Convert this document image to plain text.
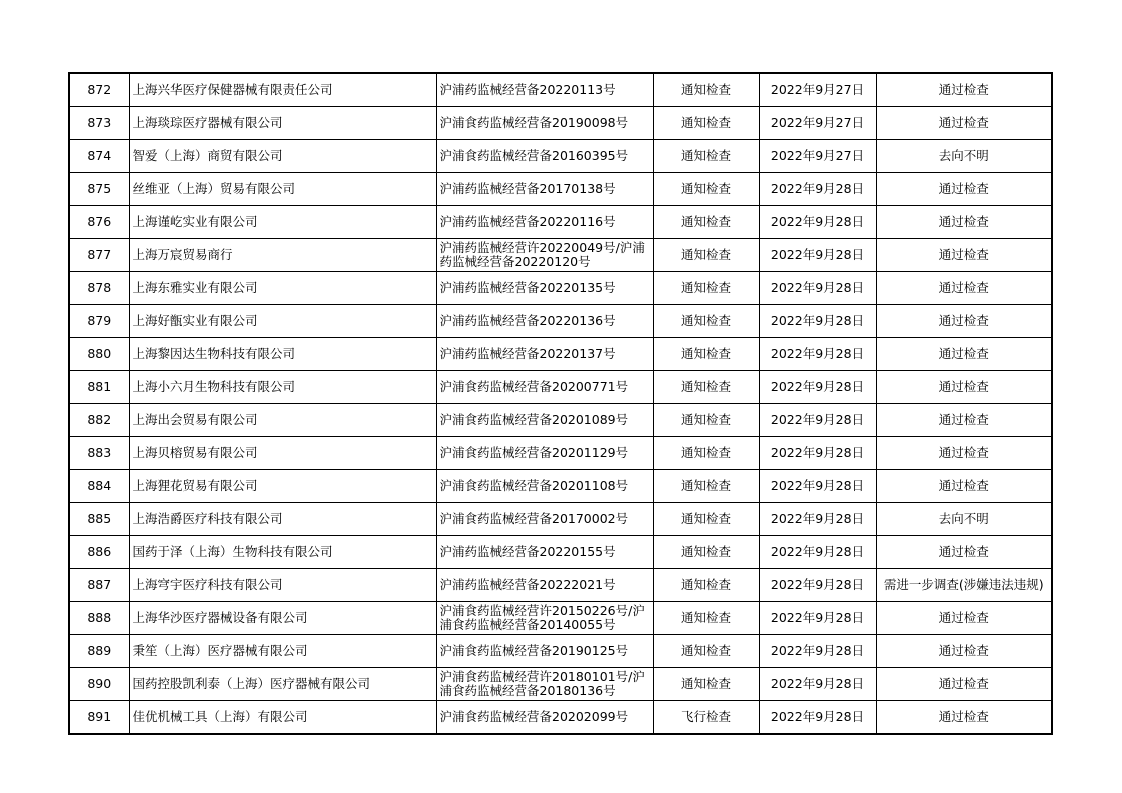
872	上海兴华医疗保健器械有限责任公司	沪浦药监械经营备20220113号	通知检查	2022年9月27日	通过检查
873	上海琰琮医疗器械有限公司	沪浦食药监械经营备20190098号	通知检查	2022年9月27日	通过检查
874	智爱（上海）商贸有限公司	沪浦食药监械经营备20160395号	通知检查	2022年9月27日	去向不明
875	丝维亚（上海）贸易有限公司	沪浦药监械经营备20170138号	通知检查	2022年9月28日	通过检查
876	上海谨屹实业有限公司	沪浦药监械经营备20220116号	通知检查	2022年9月28日	通过检查
877	上海万宸贸易商行	沪浦药监械经营许20220049号/沪浦药监械经营备20220120号	通知检查	2022年9月28日	通过检查
878	上海东雅实业有限公司	沪浦药监械经营备20220135号	通知检查	2022年9月28日	通过检查
879	上海好甑实业有限公司	沪浦药监械经营备20220136号	通知检查	2022年9月28日	通过检查
880	上海黎因达生物科技有限公司	沪浦药监械经营备20220137号	通知检查	2022年9月28日	通过检查
881	上海小六月生物科技有限公司	沪浦食药监械经营备20200771号	通知检查	2022年9月28日	通过检查
882	上海出会贸易有限公司	沪浦食药监械经营备20201089号	通知检查	2022年9月28日	通过检查
883	上海贝榕贸易有限公司	沪浦食药监械经营备20201129号	通知检查	2022年9月28日	通过检查
884	上海狸花贸易有限公司	沪浦食药监械经营备20201108号	通知检查	2022年9月28日	通过检查
885	上海浩爵医疗科技有限公司	沪浦食药监械经营备20170002号	通知检查	2022年9月28日	去向不明
886	国药于泽（上海）生物科技有限公司	沪浦药监械经营备20220155号	通知检查	2022年9月28日	通过检查
887	上海穹宇医疗科技有限公司	沪浦药监械经营备20222021号	通知检查	2022年9月28日	需进一步调查(涉嫌违法违规)
888	上海华沙医疗器械设备有限公司	沪浦食药监械经营许20150226号/沪浦食药监械经营备20140055号	通知检查	2022年9月28日	通过检查
889	秉笙（上海）医疗器械有限公司	沪浦食药监械经营备20190125号	通知检查	2022年9月28日	通过检查
890	国药控股凯利泰（上海）医疗器械有限公司	沪浦食药监械经营许20180101号/沪浦食药监械经营备20180136号	通知检查	2022年9月28日	通过检查
891	佳优机械工具（上海）有限公司	沪浦食药监械经营备20202099号	飞行检查	2022年9月28日	通过检查
